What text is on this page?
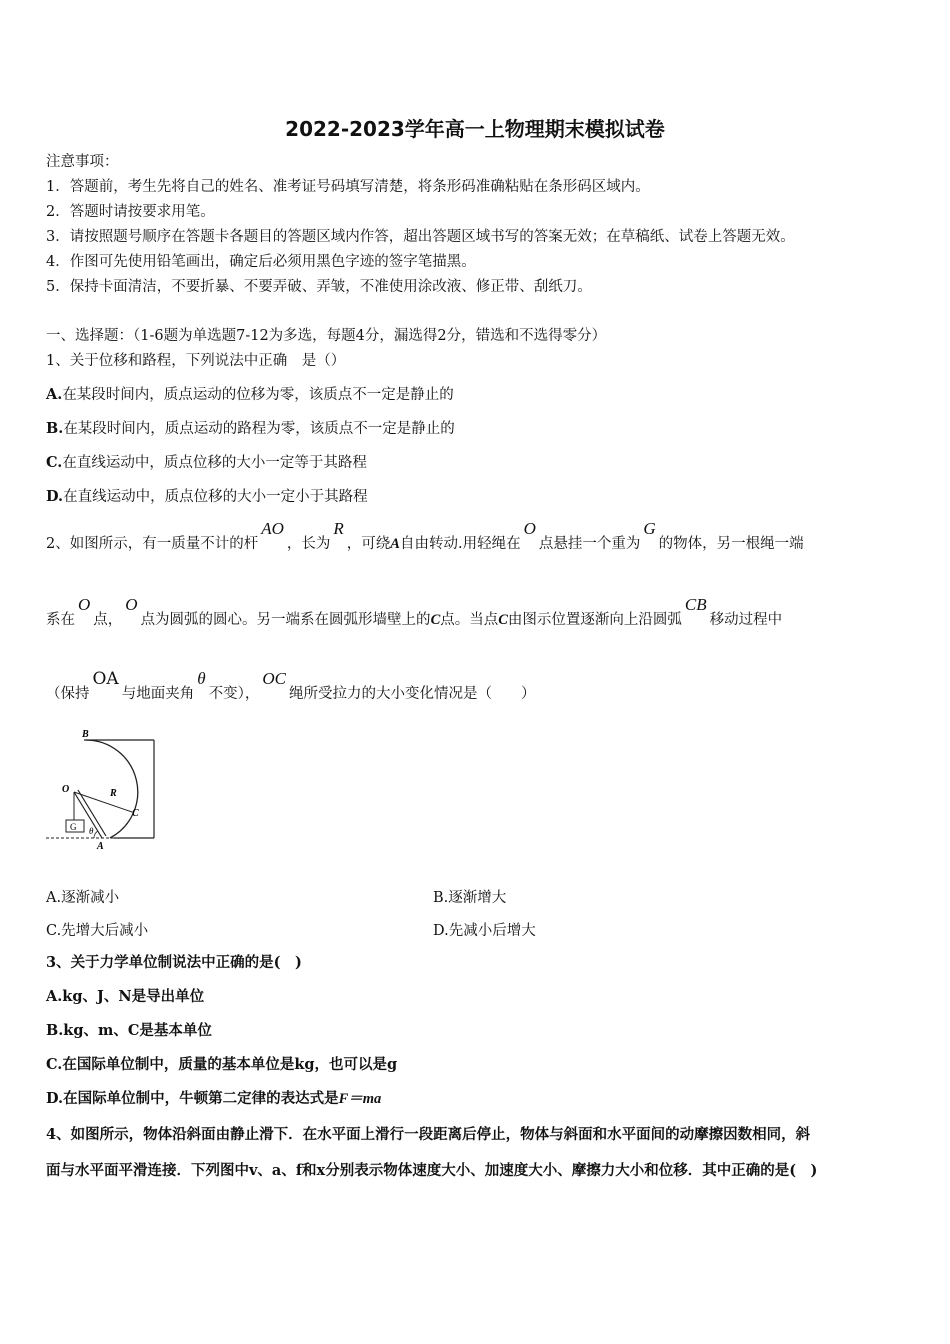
2022-2023学年高一上物理期末模拟试卷
注意事项：
1．答题前，考生先将自己的姓名、准考证号码填写清楚，将条形码准确粘贴在条形码区域内。
2．答题时请按要求用笔。
3．请按照题号顺序在答题卡各题目的答题区域内作答，超出答题区域书写的答案无效；在草稿纸、试卷上答题无效。
4．作图可先使用铅笔画出，确定后必须用黑色字迹的签字笔描黑。
5．保持卡面清洁，不要折暴、不要弄破、弄皱，不准使用涂改液、修正带、刮纸刀。
一、选择题：（1-6题为单选题7-12为多选，每题4分，漏选得2分，错选和不选得零分）
1、关于位移和路程，下列说法中正确　是（）
A.在某段时间内，质点运动的位移为零，该质点不一定是静止的
B.在某段时间内，质点运动的路程为零，该质点不一定是静止的
C.在直线运动中，质点位移的大小一定等于其路程
D.在直线运动中，质点位移的大小一定小于其路程
2、如图所示，有一质量不计的杆AO，长为R，可绕A自由转动.用轻绳在O点悬挂一个重为G的物体，另一根绳一端
系在O点，O点为圆弧的圆心。另一端系在圆弧形墙壁上的C点。当点C由图示位置逐渐向上沿圆弧CB移动过程中
（保持OA与地面夹角θ不变），OC绳所受拉力的大小变化情况是（　　）
B
O	R
C
G θ
A
A.逐渐减小	B.逐渐增大
C.先增大后减小	D.先减小后增大
3、关于力学单位制说法中正确的是(　)
A.kg、J、N是导出单位
B.kg、m、C是基本单位
C.在国际单位制中，质量的基本单位是kg，也可以是g
D.在国际单位制中，牛顿第二定律的表达式是F＝ma
4、如图所示，物体沿斜面由静止滑下．在水平面上滑行一段距离后停止，物体与斜面和水平面间的动摩擦因数相同，斜
面与水平面平滑连接．下列图中v、a、f和x分别表示物体速度大小、加速度大小、摩擦力大小和位移．其中正确的是(　)
